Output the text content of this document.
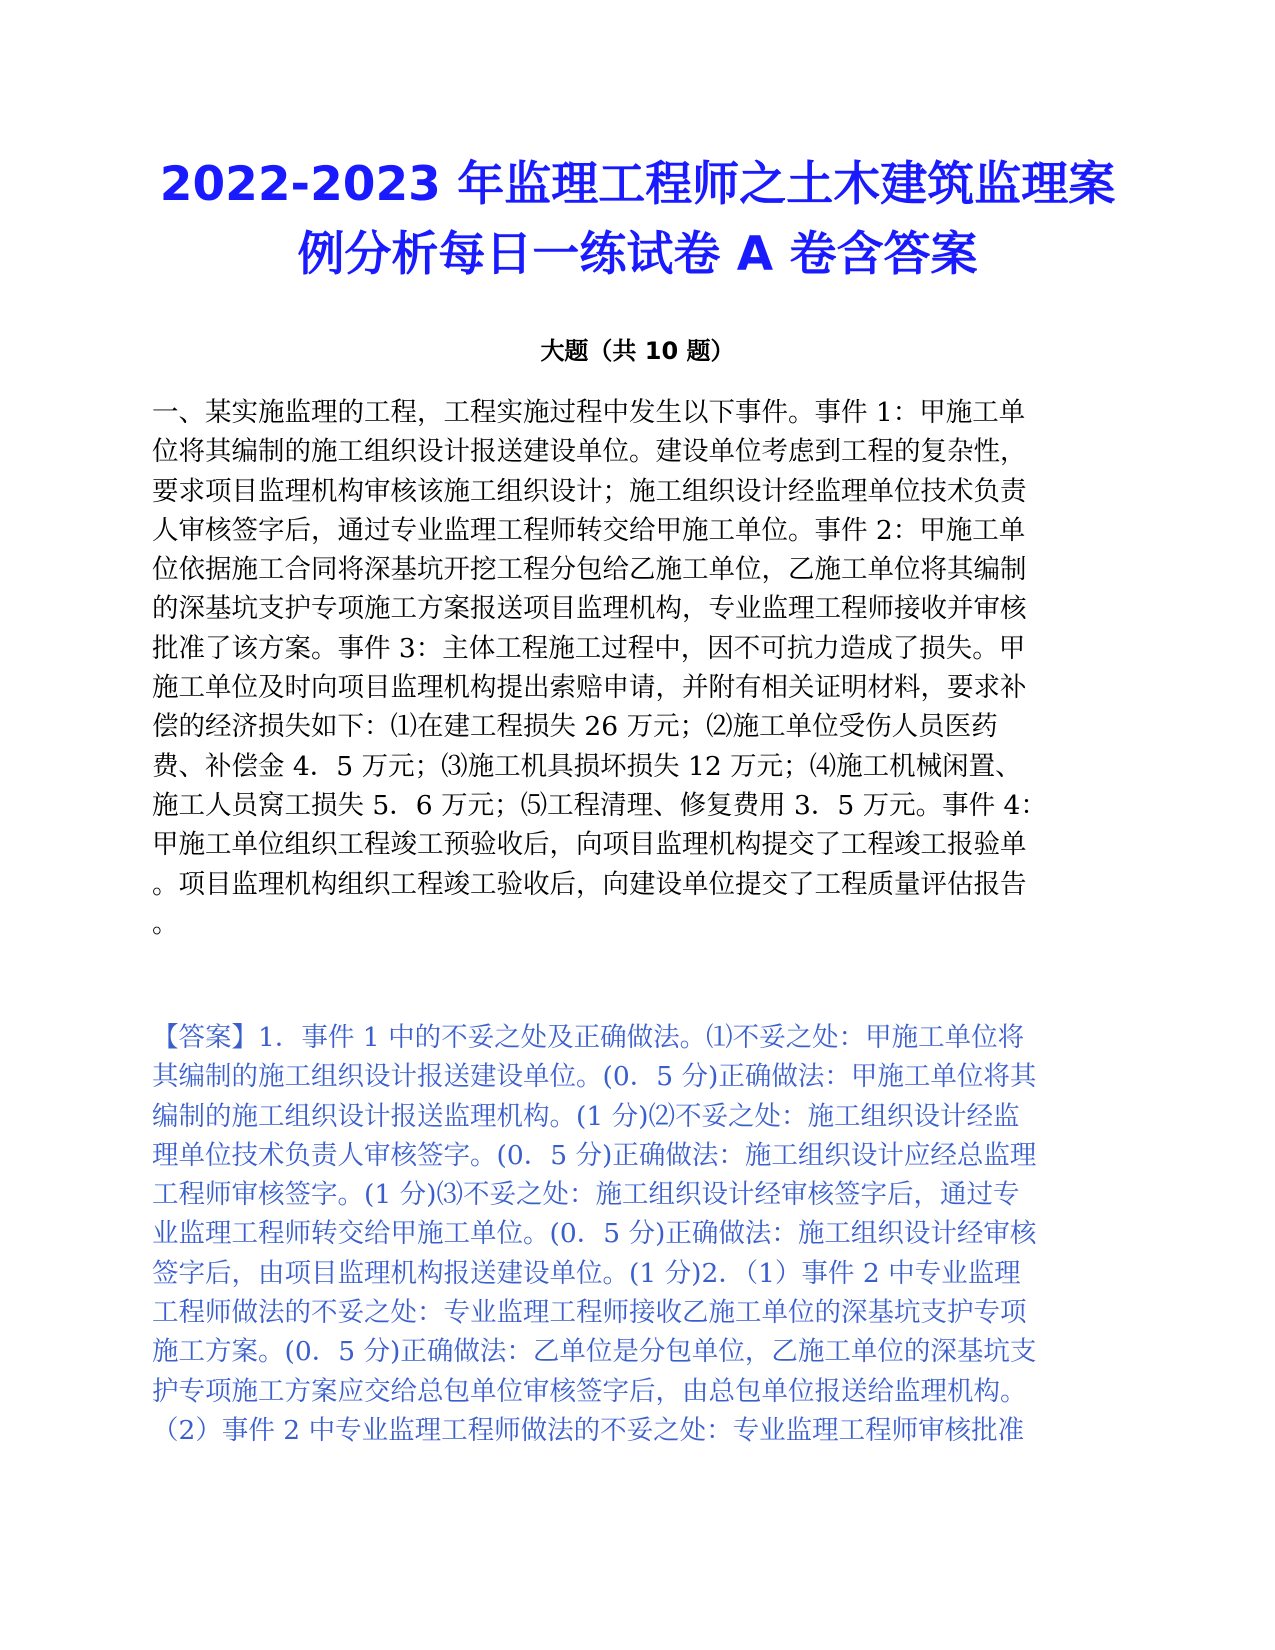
2022-2023 年监理工程师之土木建筑监理案
例分析每日一练试卷 A 卷含答案
大题（共 10 题）
一、某实施监理的工程，工程实施过程中发生以下事件。事件 1：甲施工单
位将其编制的施工组织设计报送建设单位。建设单位考虑到工程的复杂性，
要求项目监理机构审核该施工组织设计；施工组织设计经监理单位技术负责
人审核签字后，通过专业监理工程师转交给甲施工单位。事件 2：甲施工单
位依据施工合同将深基坑开挖工程分包给乙施工单位，乙施工单位将其编制
的深基坑支护专项施工方案报送项目监理机构，专业监理工程师接收并审核
批准了该方案。事件 3：主体工程施工过程中，因不可抗力造成了损失。甲
施工单位及时向项目监理机构提出索赔申请，并附有相关证明材料，要求补
偿的经济损失如下：⑴在建工程损失 26 万元；⑵施工单位受伤人员医药
费、补偿金 4．5 万元；⑶施工机具损坏损失 12 万元；⑷施工机械闲置、
施工人员窝工损失 5．6 万元；⑸工程清理、修复费用 3．5 万元。事件 4：
甲施工单位组织工程竣工预验收后，向项目监理机构提交了工程竣工报验单
。项目监理机构组织工程竣工验收后，向建设单位提交了工程质量评估报告
。
【答案】1．事件 1 中的不妥之处及正确做法。⑴不妥之处：甲施工单位将
其编制的施工组织设计报送建设单位。(0．5 分)正确做法：甲施工单位将其
编制的施工组织设计报送监理机构。(1 分)⑵不妥之处：施工组织设计经监
理单位技术负责人审核签字。(0．5 分)正确做法：施工组织设计应经总监理
工程师审核签字。(1 分)⑶不妥之处：施工组织设计经审核签字后，通过专
业监理工程师转交给甲施工单位。(0．5 分)正确做法：施工组织设计经审核
签字后，由项目监理机构报送建设单位。(1 分)2．（1）事件 2 中专业监理
工程师做法的不妥之处：专业监理工程师接收乙施工单位的深基坑支护专项
施工方案。(0．5 分)正确做法：乙单位是分包单位，乙施工单位的深基坑支
护专项施工方案应交给总包单位审核签字后，由总包单位报送给监理机构。
（2）事件 2 中专业监理工程师做法的不妥之处：专业监理工程师审核批准
